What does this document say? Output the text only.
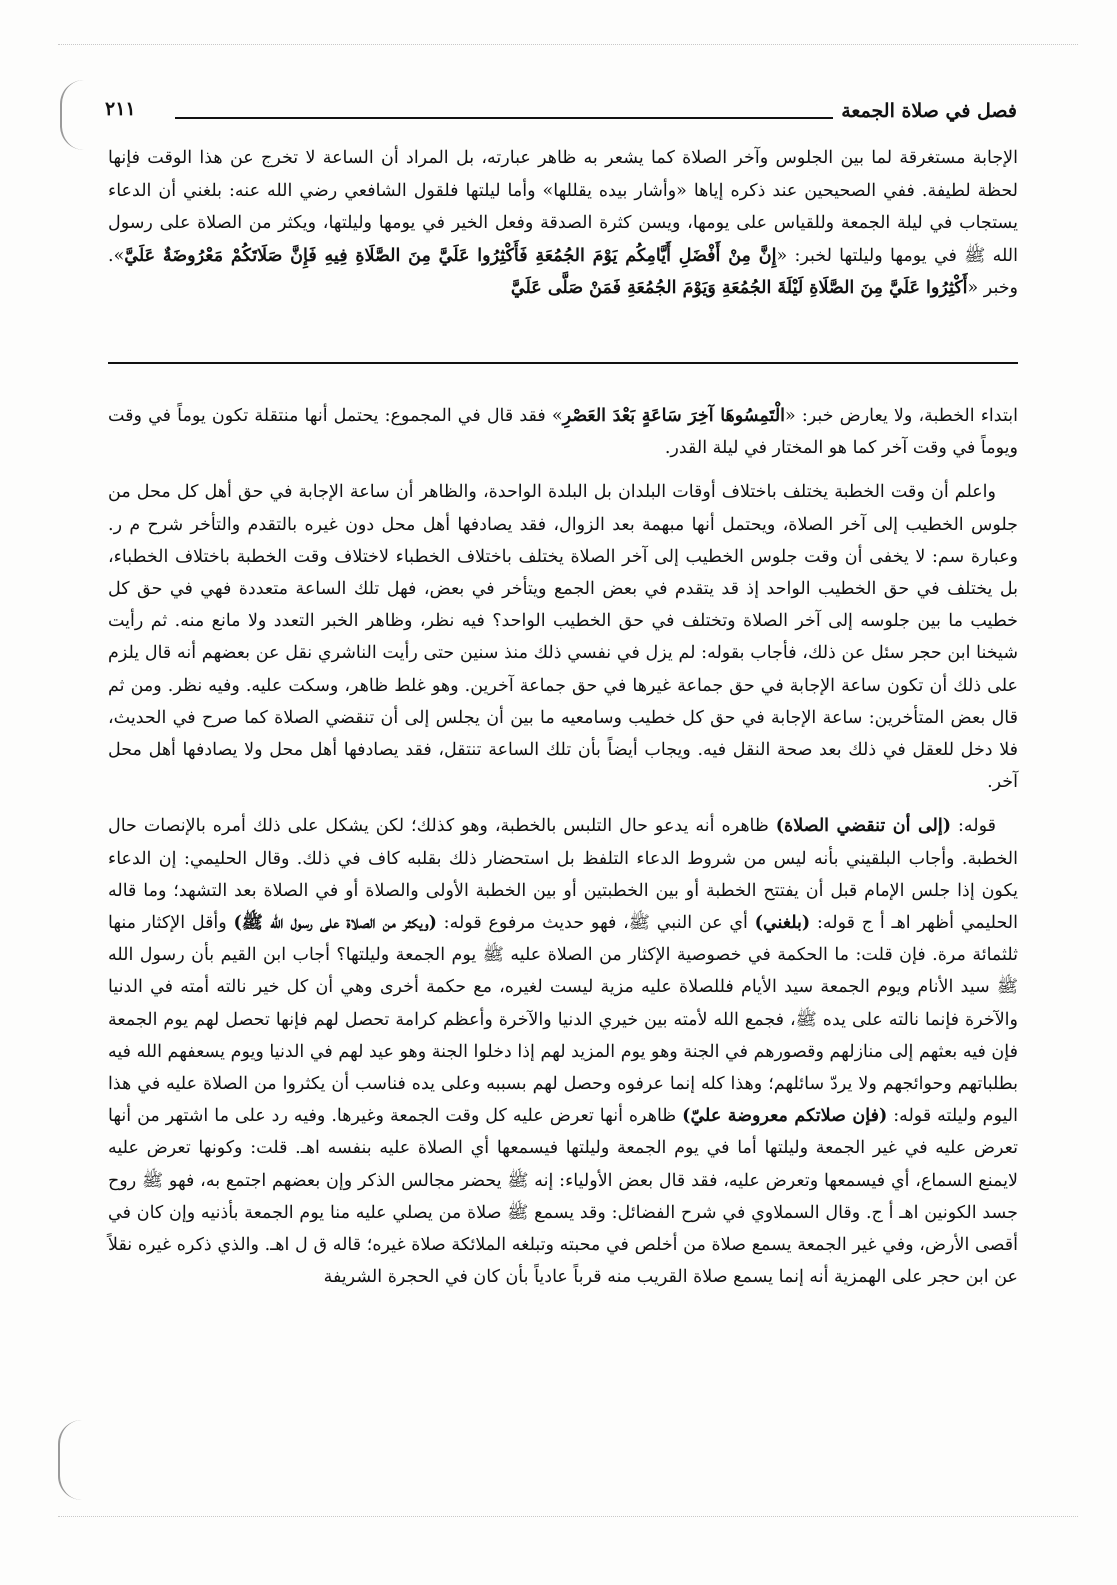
فصل في صلاة الجمعة
٢١١

الإجابة مستغرقة لما بين الجلوس وآخر الصلاة كما يشعر به ظاهر عبارته، بل المراد أن الساعة لا تخرج عن هذا الوقت فإنها لحظة لطيفة. ففي الصحيحين عند ذكره إياها «وأشار بيده يقللها» وأما ليلتها فلقول الشافعي رضي الله عنه: بلغني أن الدعاء يستجاب في ليلة الجمعة وللقياس على يومها، ويسن كثرة الصدقة وفعل الخير في يومها وليلتها، ويكثر من الصلاة على رسول الله ﷺ في يومها وليلتها لخبر: «إِنَّ مِنْ أَفْضَلِ أَيَّامِكُم يَوْمَ الجُمُعَةِ فَأَكْثِرُوا عَلَيَّ مِنَ الصَّلَاةِ فِيهِ فَإِنَّ صَلَاتَكُمْ مَعْرُوضَةٌ عَلَيَّ». وخبر «أَكْثِرُوا عَلَيَّ مِنَ الصَّلَاةِ لَيْلَةَ الجُمُعَةِ وَيَوْمَ الجُمُعَةِ فَمَنْ صَلَّى عَلَيَّ

ابتداء الخطبة، ولا يعارض خبر: «الْتَمِسُوهَا آخِرَ سَاعَةٍ بَعْدَ العَصْرِ» فقد قال في المجموع: يحتمل أنها منتقلة تكون يوماً في وقت ويوماً في وقت آخر كما هو المختار في ليلة القدر.

واعلم أن وقت الخطبة يختلف باختلاف أوقات البلدان بل البلدة الواحدة، والظاهر أن ساعة الإجابة في حق أهل كل محل من جلوس الخطيب إلى آخر الصلاة، ويحتمل أنها مبهمة بعد الزوال، فقد يصادفها أهل محل دون غيره بالتقدم والتأخر شرح م ر. وعبارة سم: لا يخفى أن وقت جلوس الخطيب إلى آخر الصلاة يختلف باختلاف الخطباء لاختلاف وقت الخطبة باختلاف الخطباء، بل يختلف في حق الخطيب الواحد إذ قد يتقدم في بعض الجمع ويتأخر في بعض، فهل تلك الساعة متعددة فهي في حق كل خطيب ما بين جلوسه إلى آخر الصلاة وتختلف في حق الخطيب الواحد؟ فيه نظر، وظاهر الخبر التعدد ولا مانع منه. ثم رأيت شيخنا ابن حجر سئل عن ذلك، فأجاب بقوله: لم يزل في نفسي ذلك منذ سنين حتى رأيت الناشري نقل عن بعضهم أنه قال يلزم على ذلك أن تكون ساعة الإجابة في حق جماعة غيرها في حق جماعة آخرين. وهو غلط ظاهر، وسكت عليه. وفيه نظر. ومن ثم قال بعض المتأخرين: ساعة الإجابة في حق كل خطيب وسامعيه ما بين أن يجلس إلى أن تنقضي الصلاة كما صرح في الحديث، فلا دخل للعقل في ذلك بعد صحة النقل فيه. ويجاب أيضاً بأن تلك الساعة تنتقل، فقد يصادفها أهل محل ولا يصادفها أهل محل آخر.

قوله: (إلى أن تنقضي الصلاة) ظاهره أنه يدعو حال التلبس بالخطبة، وهو كذلك؛ لكن يشكل على ذلك أمره بالإنصات حال الخطبة. وأجاب البلقيني بأنه ليس من شروط الدعاء التلفظ بل استحضار ذلك بقلبه كاف في ذلك. وقال الحليمي: إن الدعاء يكون إذا جلس الإمام قبل أن يفتتح الخطبة أو بين الخطبتين أو بين الخطبة الأولى والصلاة أو في الصلاة بعد التشهد؛ وما قاله الحليمي أظهر اهـ أ ج قوله: (بلغني) أي عن النبي ﷺ، فهو حديث مرفوع قوله: (ويكثر من الصلاة على رسول الله ﷺ) وأقل الإكثار منها ثلثمائة مرة. فإن قلت: ما الحكمة في خصوصية الإكثار من الصلاة عليه ﷺ يوم الجمعة وليلتها؟ أجاب ابن القيم بأن رسول الله ﷺ سيد الأنام ويوم الجمعة سيد الأيام فللصلاة عليه مزية ليست لغيره، مع حكمة أخرى وهي أن كل خير نالته أمته في الدنيا والآخرة فإنما نالته على يده ﷺ، فجمع الله لأمته بين خيري الدنيا والآخرة وأعظم كرامة تحصل لهم فإنها تحصل لهم يوم الجمعة فإن فيه بعثهم إلى منازلهم وقصورهم في الجنة وهو يوم المزيد لهم إذا دخلوا الجنة وهو عيد لهم في الدنيا ويوم يسعفهم الله فيه بطلباتهم وحوائجهم ولا يردّ سائلهم؛ وهذا كله إنما عرفوه وحصل لهم بسببه وعلى يده فناسب أن يكثروا من الصلاة عليه في هذا اليوم وليلته قوله: (فإن صلاتكم معروضة عليّ) ظاهره أنها تعرض عليه كل وقت الجمعة وغيرها. وفيه رد على ما اشتهر من أنها تعرض عليه في غير الجمعة وليلتها أما في يوم الجمعة وليلتها فيسمعها أي الصلاة عليه بنفسه اهـ. قلت: وكونها تعرض عليه لايمنع السماع، أي فيسمعها وتعرض عليه، فقد قال بعض الأولياء: إنه ﷺ يحضر مجالس الذكر وإن بعضهم اجتمع به، فهو ﷺ روح جسد الكونين اهـ أ ج. وقال السملاوي في شرح الفضائل: وقد يسمع ﷺ صلاة من يصلي عليه منا يوم الجمعة بأذنيه وإن كان في أقصى الأرض، وفي غير الجمعة يسمع صلاة من أخلص في محبته وتبلغه الملائكة صلاة غيره؛ قاله ق ل اهـ. والذي ذكره غيره نقلاً عن ابن حجر على الهمزية أنه إنما يسمع صلاة القريب منه قرباً عادياً بأن كان في الحجرة الشريفة
